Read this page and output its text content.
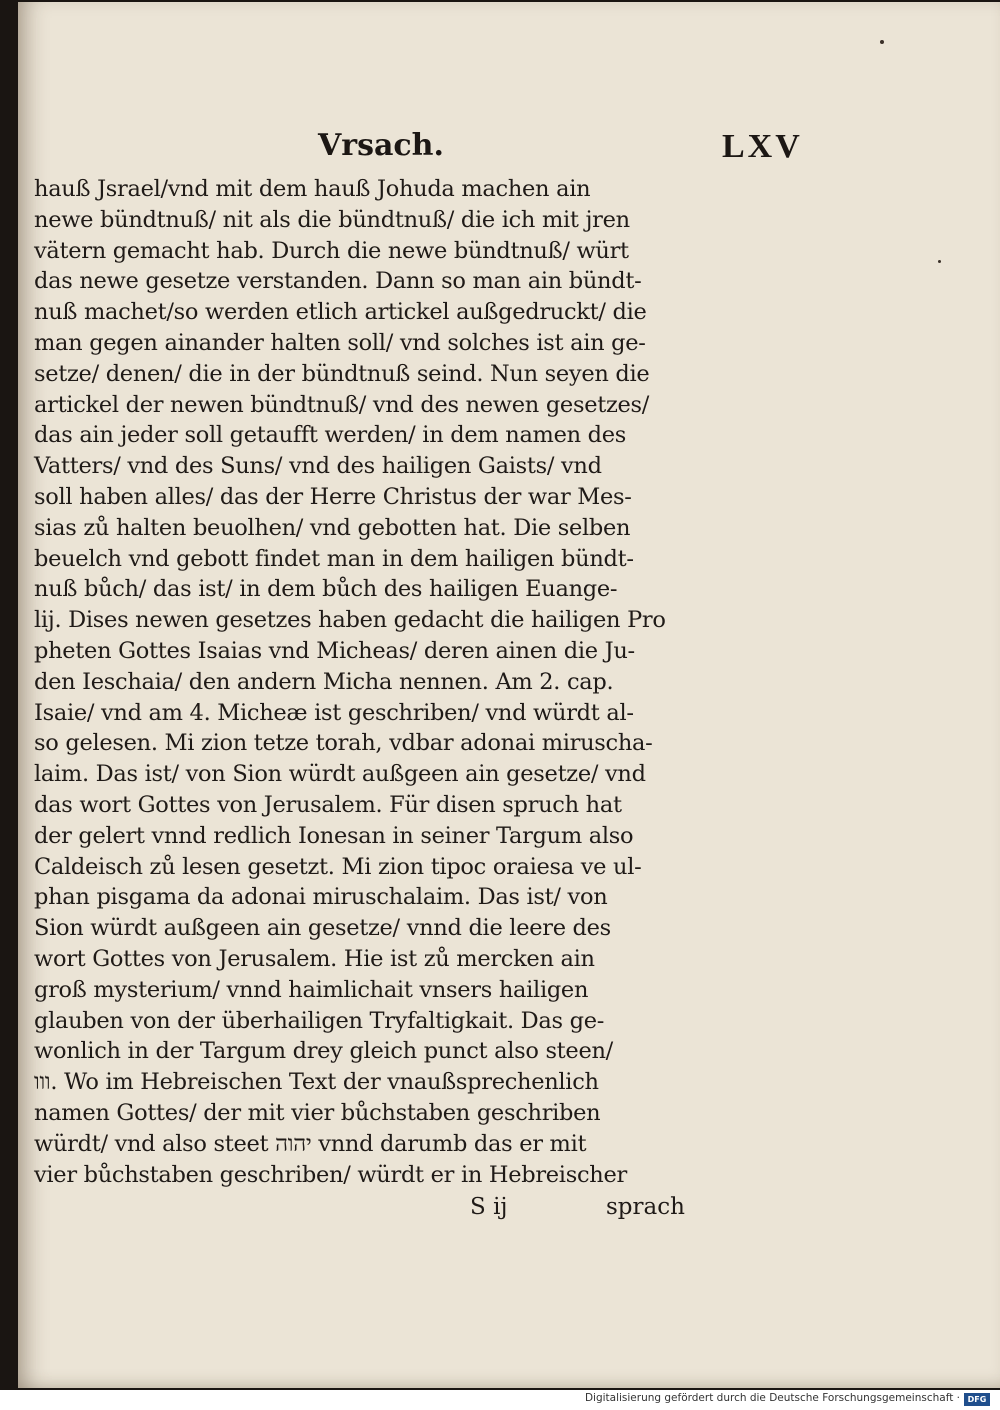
Vrsach.	LXV
hauß Jsrael/vnd mit dem hauß Johuda machen ain
newe bündtnuß/ nit als die bündtnuß/ die ich mit jren
vätern gemacht hab. Durch die newe bündtnuß/ würt
das newe gesetze verstanden. Dann so man ain bündt-
nuß machet/so werden etlich artickel außgedruckt/ die
man gegen ainander halten soll/ vnd solches ist ain ge-
setze/ denen/ die in der bündtnuß seind. Nun seyen die
artickel der newen bündtnuß/ vnd des newen gesetzes/
das ain jeder soll getaufft werden/ in dem namen des
Vatters/ vnd des Suns/ vnd des hailigen Gaists/ vnd
soll haben alles/ das der Herre Christus der war Mes-
sias zů halten beuolhen/ vnd gebotten hat. Die selben
beuelch vnd gebott findet man in dem hailigen bündt-
nuß bůch/ das ist/ in dem bůch des hailigen Euange-
lij. Dises newen gesetzes haben gedacht die hailigen Pro
pheten Gottes Isaias vnd Micheas/ deren ainen die Ju-
den Ieschaia/ den andern Micha nennen. Am 2. cap.
Isaie/ vnd am 4. Micheæ ist geschriben/ vnd würdt al-
so gelesen. Mi zion tetze torah, vdbar adonai miruscha-
laim. Das ist/ von Sion würdt außgeen ain gesetze/ vnd
das wort Gottes von Jerusalem. Für disen spruch hat
der gelert vnnd redlich Ionesan in seiner Targum also
Caldeisch zů lesen gesetzt. Mi zion tipoc oraiesa ve ul-
phan pisgama da adonai miruschalaim. Das ist/ von
Sion würdt außgeen ain gesetze/ vnnd die leere des
wort Gottes von Jerusalem. Hie ist zů mercken ain
groß mysterium/ vnnd haimlichait vnsers hailigen
glauben von der überhailigen Tryfaltigkait. Das ge-
wonlich in der Targum drey gleich punct also steen/
ווו. Wo im Hebreischen Text der vnaußsprechenlich
namen Gottes/ der mit vier bůchstaben geschriben
würdt/ vnd also steet יהוה vnnd darumb das er mit
vier bůchstaben geschriben/ würdt er in Hebreischer
S ij	sprach
Digitalisierung gefördert durch die Deutsche Forschungsgemeinschaft · DFG
